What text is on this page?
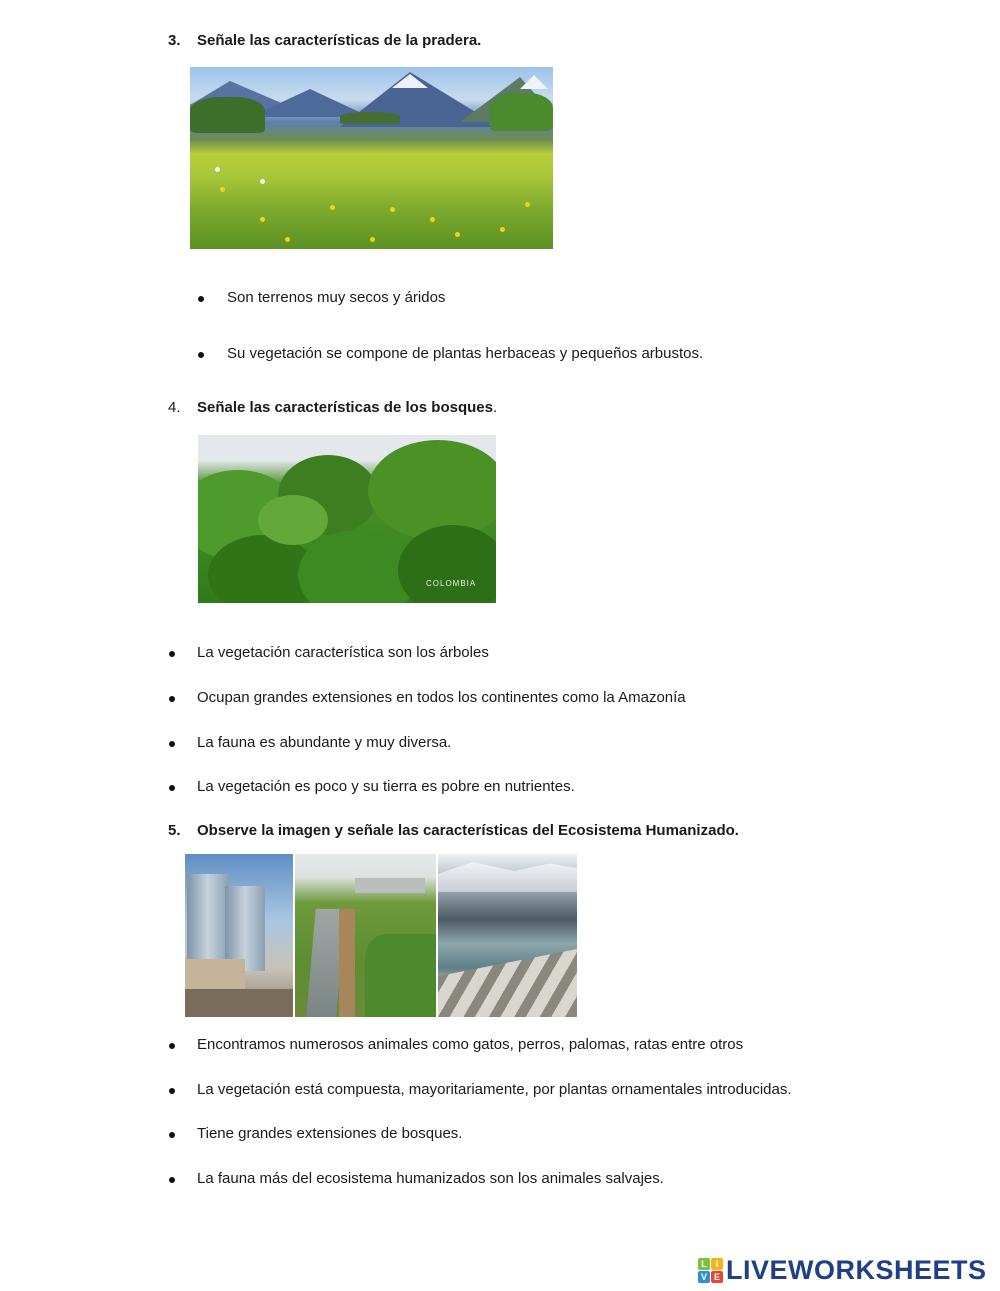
3. Señale las características de la pradera.
Son terrenos muy secos y áridos
Su vegetación se compone de plantas herbaceas y pequeños arbustos.
4. Señale las características de los bosques.
COLOMBIA
La vegetación característica son los árboles
Ocupan grandes extensiones en todos los continentes como la Amazonía
La fauna es abundante y muy diversa.
La vegetación es poco y su tierra es pobre en nutrientes.
5. Observe la imagen y señale las características del Ecosistema Humanizado.
Encontramos numerosos animales como gatos, perros, palomas, ratas entre otros
La vegetación está compuesta, mayoritariamente, por plantas ornamentales introducidas.
Tiene grandes extensiones de bosques.
La fauna más del ecosistema humanizados son los animales salvajes.
L I
V E LIVEWORKSHEETS
